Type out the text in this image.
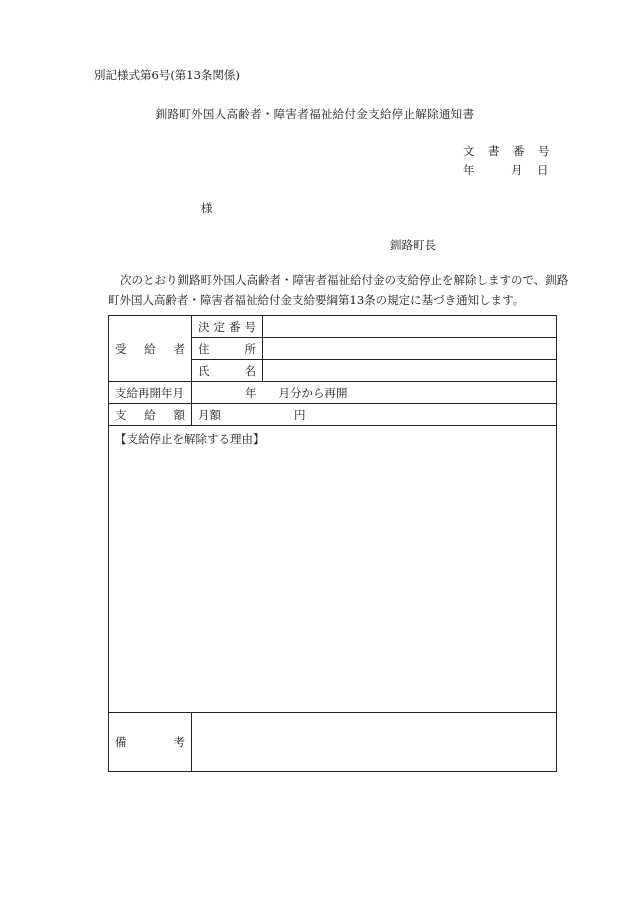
別記様式第6号(第13条関係)
釧路町外国人高齢者・障害者福祉給付金支給停止解除通知書
文 書 番 号
年	月 日
様
釧路町長
次のとおり釧路町外国人高齢者・障害者福祉給付金の支給停止を解除しますので、釧路町外国人高齢者・障害者福祉給付金支給要綱第13条の規定に基づき通知します。
受 給 者	決 定 番 号	

	住 所	

	氏 名	

支給再開年月	年 月分から再開	

支 給 額	月額 円	
【支給停止を解除する理由】		

備 考		
